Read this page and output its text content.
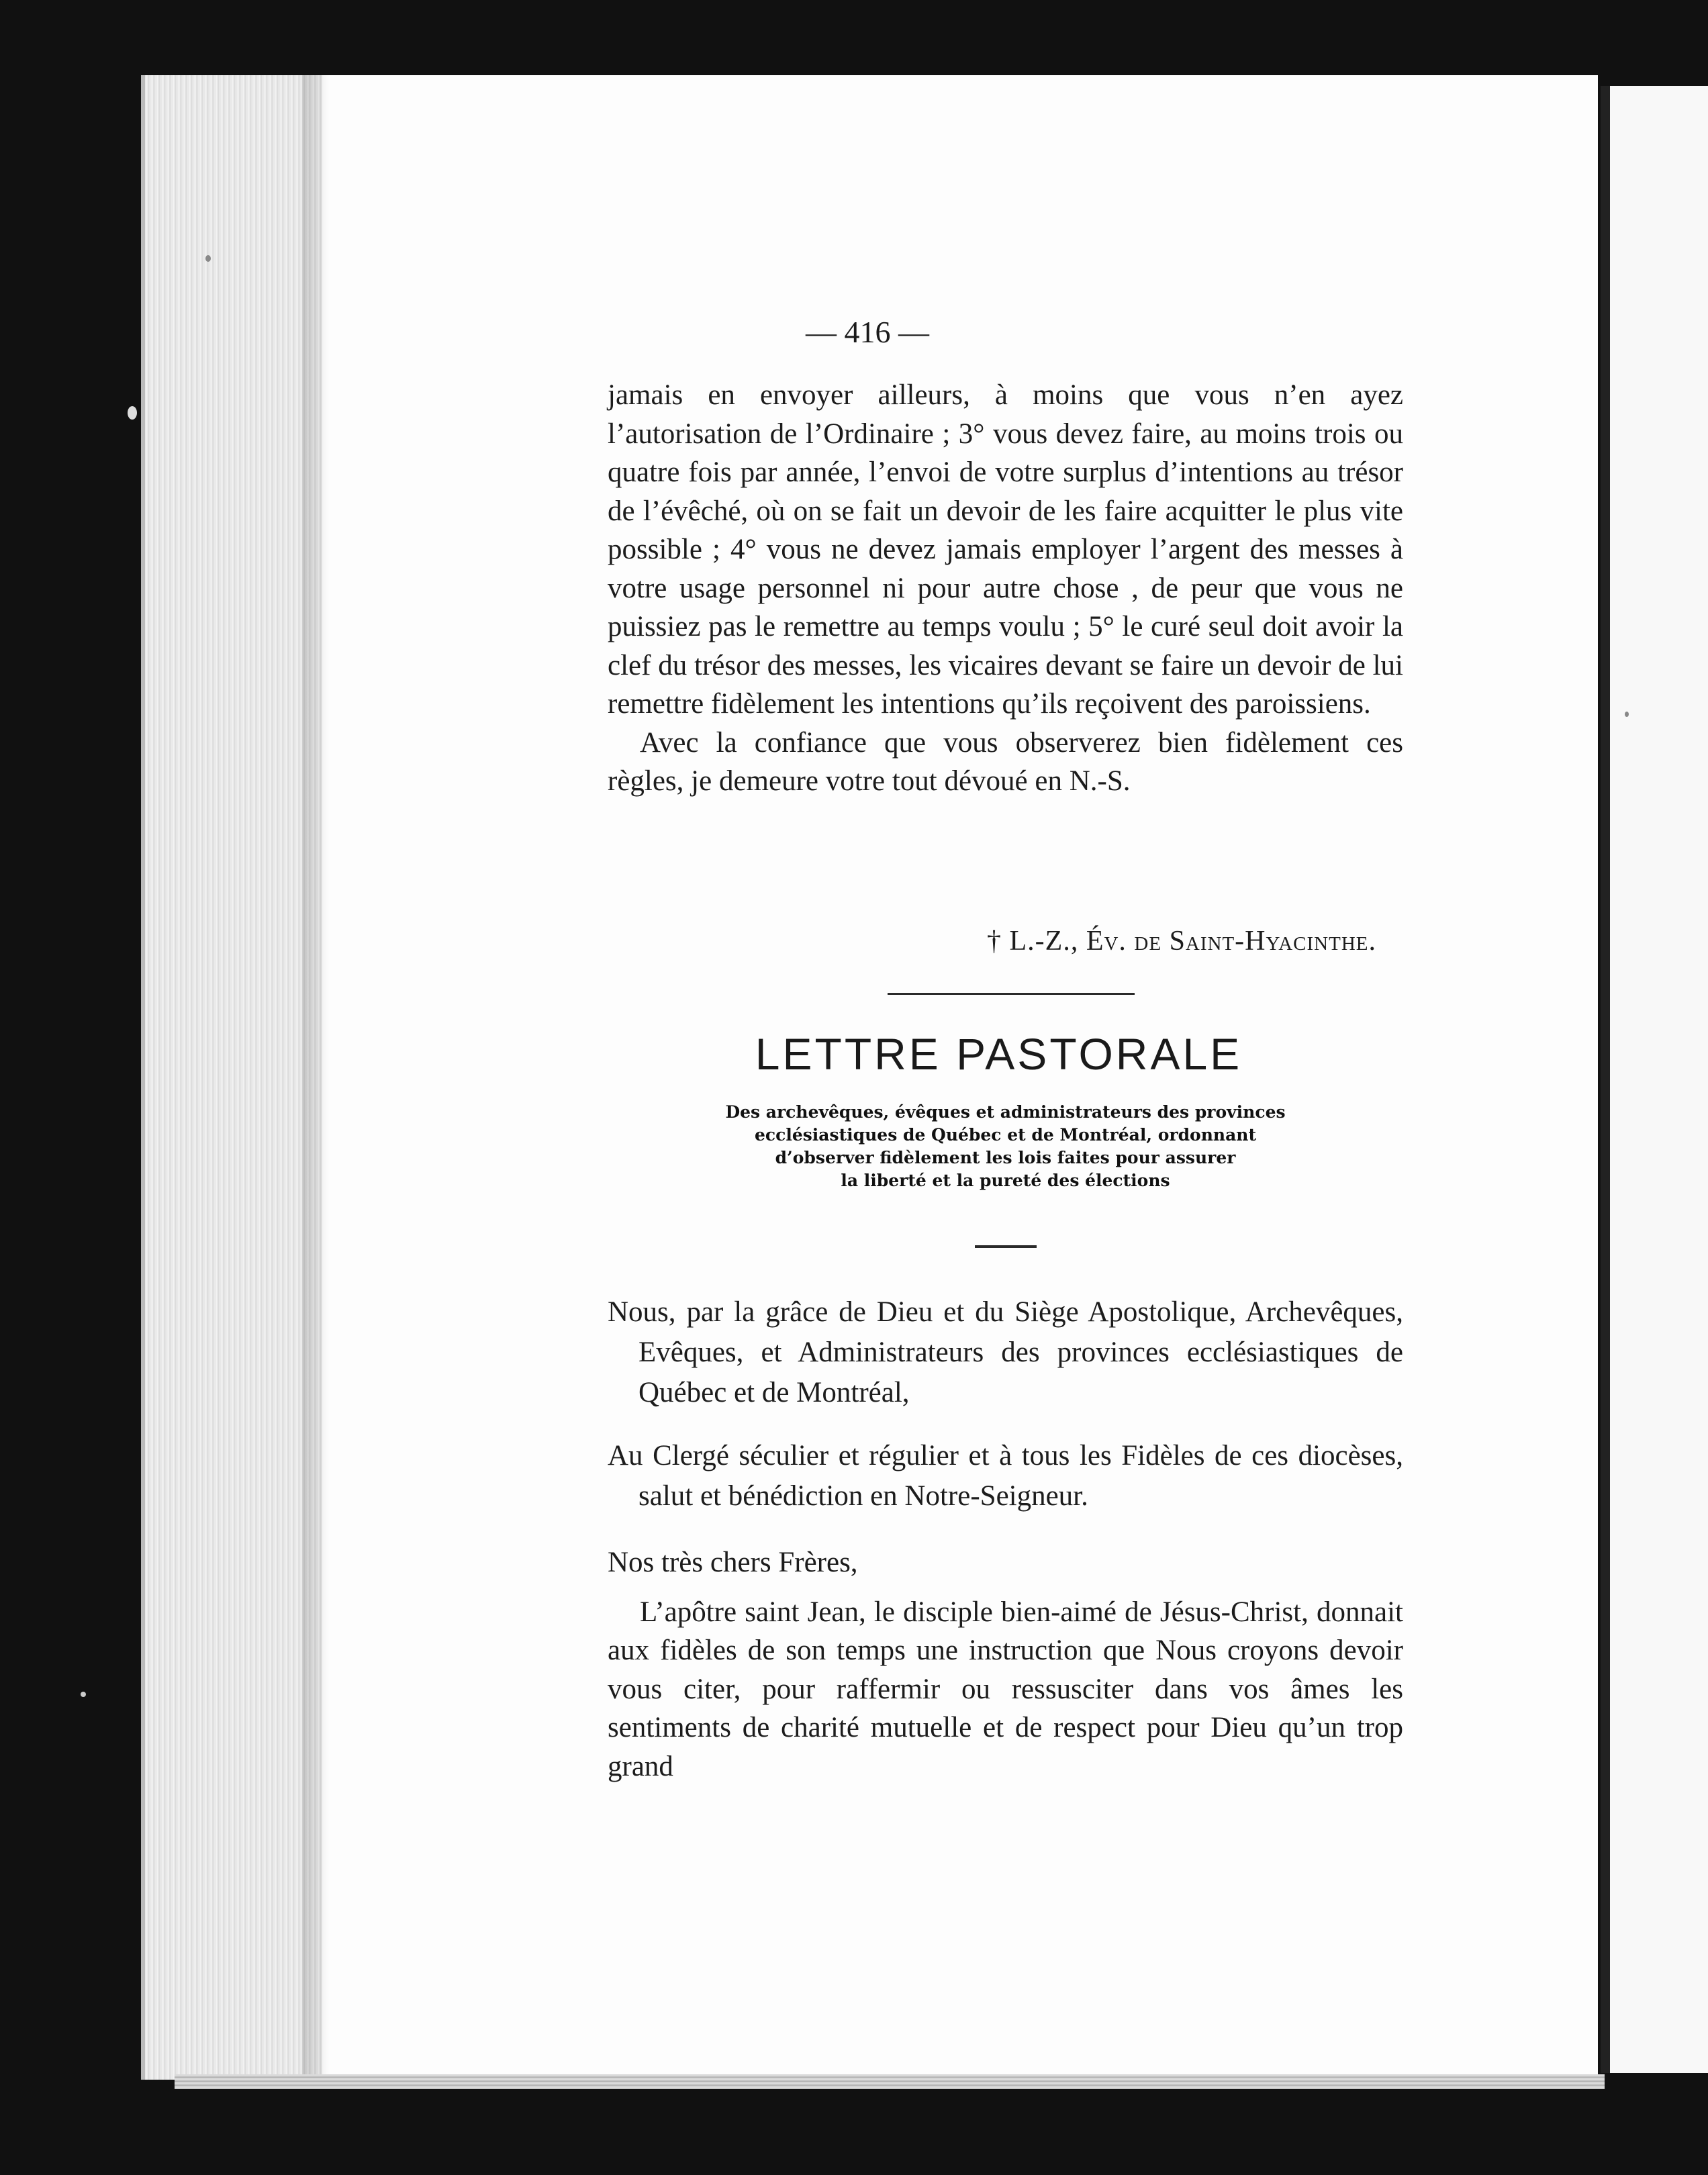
— 416 —

jamais en envoyer ailleurs, à moins que vous n’en ayez l’autorisation de l’Ordinaire ; 3° vous devez faire, au moins trois ou quatre fois par année, l’envoi de votre surplus d’intentions au trésor de l’évêché, où on se fait un devoir de les faire acquitter le plus vite possible ; 4° vous ne devez jamais employer l’argent des messes à votre usage personnel ni pour autre chose , de peur que vous ne puissiez pas le remettre au temps voulu ; 5° le curé seul doit avoir la clef du trésor des messes, les vicaires devant se faire un devoir de lui remettre fidèlement les intentions qu’ils reçoivent des paroissiens.

Avec la confiance que vous observerez bien fidèlement ces règles, je demeure votre tout dévoué en N.-S.

† L.-Z., Év. de Saint-Hyacinthe.
LETTRE PASTORALE
Des archevêques, évêques et administrateurs des provinces
ecclésiastiques de Québec et de Montréal, ordonnant
d’observer fidèlement les lois faites pour assurer
la liberté et la pureté des élections

Nous, par la grâce de Dieu et du Siège Apostolique, Archevêques, Evêques, et Administrateurs des provinces ecclésiastiques de Québec et de Montréal,

Au Clergé séculier et régulier et à tous les Fidèles de ces diocèses, salut et bénédiction en Notre-Seigneur.

Nos très chers Frères,

L’apôtre saint Jean, le disciple bien-aimé de Jésus-Christ, donnait aux fidèles de son temps une instruction que Nous croyons devoir vous citer, pour raffermir ou ressusciter dans vos âmes les sentiments de charité mutuelle et de respect pour Dieu qu’un trop grand
